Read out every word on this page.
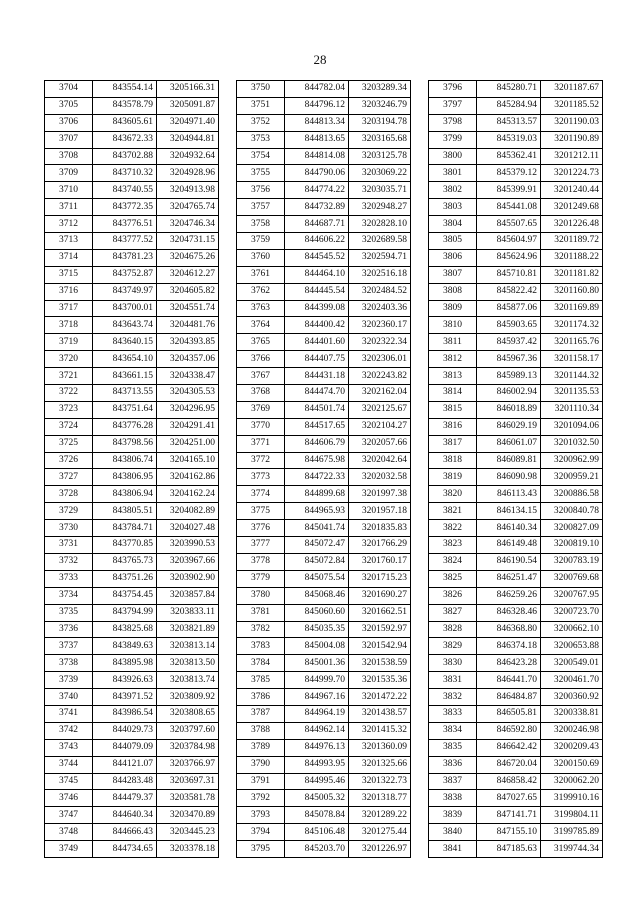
28
3704	843554.14	3205166.31
3705	843578.79	3205091.87
3706	843605.61	3204971.40
3707	843672.33	3204944.81
3708	843702.88	3204932.64
3709	843710.32	3204928.96
3710	843740.55	3204913.98
3711	843772.35	3204765.74
3712	843776.51	3204746.34
3713	843777.52	3204731.15
3714	843781.23	3204675.26
3715	843752.87	3204612.27
3716	843749.97	3204605.82
3717	843700.01	3204551.74
3718	843643.74	3204481.76
3719	843640.15	3204393.85
3720	843654.10	3204357.06
3721	843661.15	3204338.47
3722	843713.55	3204305.53
3723	843751.64	3204296.95
3724	843776.28	3204291.41
3725	843798.56	3204251.00
3726	843806.74	3204165.10
3727	843806.95	3204162.86
3728	843806.94	3204162.24
3729	843805.51	3204082.89
3730	843784.71	3204027.48
3731	843770.85	3203990.53
3732	843765.73	3203967.66
3733	843751.26	3203902.90
3734	843754.45	3203857.84
3735	843794.99	3203833.11
3736	843825.68	3203821.89
3737	843849.63	3203813.14
3738	843895.98	3203813.50
3739	843926.63	3203813.74
3740	843971.52	3203809.92
3741	843986.54	3203808.65
3742	844029.73	3203797.60
3743	844079.09	3203784.98
3744	844121.07	3203766.97
3745	844283.48	3203697.31
3746	844479.37	3203581.78
3747	844640.34	3203470.89
3748	844666.43	3203445.23
3749	844734.65	3203378.18
3750	844782.04	3203289.34
3751	844796.12	3203246.79
3752	844813.34	3203194.78
3753	844813.65	3203165.68
3754	844814.08	3203125.78
3755	844790.06	3203069.22
3756	844774.22	3203035.71
3757	844732.89	3202948.27
3758	844687.71	3202828.10
3759	844606.22	3202689.58
3760	844545.52	3202594.71
3761	844464.10	3202516.18
3762	844445.54	3202484.52
3763	844399.08	3202403.36
3764	844400.42	3202360.17
3765	844401.60	3202322.34
3766	844407.75	3202306.01
3767	844431.18	3202243.82
3768	844474.70	3202162.04
3769	844501.74	3202125.67
3770	844517.65	3202104.27
3771	844606.79	3202057.66
3772	844675.98	3202042.64
3773	844722.33	3202032.58
3774	844899.68	3201997.38
3775	844965.93	3201957.18
3776	845041.74	3201835.83
3777	845072.47	3201766.29
3778	845072.84	3201760.17
3779	845075.54	3201715.23
3780	845068.46	3201690.27
3781	845060.60	3201662.51
3782	845035.35	3201592.97
3783	845004.08	3201542.94
3784	845001.36	3201538.59
3785	844999.70	3201535.36
3786	844967.16	3201472.22
3787	844964.19	3201438.57
3788	844962.14	3201415.32
3789	844976.13	3201360.09
3790	844993.95	3201325.66
3791	844995.46	3201322.73
3792	845005.32	3201318.77
3793	845078.84	3201289.22
3794	845106.48	3201275.44
3795	845203.70	3201226.97
3796	845280.71	3201187.67
3797	845284.94	3201185.52
3798	845313.57	3201190.03
3799	845319.03	3201190.89
3800	845362.41	3201212.11
3801	845379.12	3201224.73
3802	845399.91	3201240.44
3803	845441.08	3201249.68
3804	845507.65	3201226.48
3805	845604.97	3201189.72
3806	845624.96	3201188.22
3807	845710.81	3201181.82
3808	845822.42	3201160.80
3809	845877.06	3201169.89
3810	845903.65	3201174.32
3811	845937.42	3201165.76
3812	845967.36	3201158.17
3813	845989.13	3201144.32
3814	846002.94	3201135.53
3815	846018.89	3201110.34
3816	846029.19	3201094.06
3817	846061.07	3201032.50
3818	846089.81	3200962.99
3819	846090.98	3200959.21
3820	846113.43	3200886.58
3821	846134.15	3200840.78
3822	846140.34	3200827.09
3823	846149.48	3200819.10
3824	846190.54	3200783.19
3825	846251.47	3200769.68
3826	846259.26	3200767.95
3827	846328.46	3200723.70
3828	846368.80	3200662.10
3829	846374.18	3200653.88
3830	846423.28	3200549.01
3831	846441.70	3200461.70
3832	846484.87	3200360.92
3833	846505.81	3200338.81
3834	846592.80	3200246.98
3835	846642.42	3200209.43
3836	846720.04	3200150.69
3837	846858.42	3200062.20
3838	847027.65	3199910.16
3839	847141.71	3199804.11
3840	847155.10	3199785.89
3841	847185.63	3199744.34
